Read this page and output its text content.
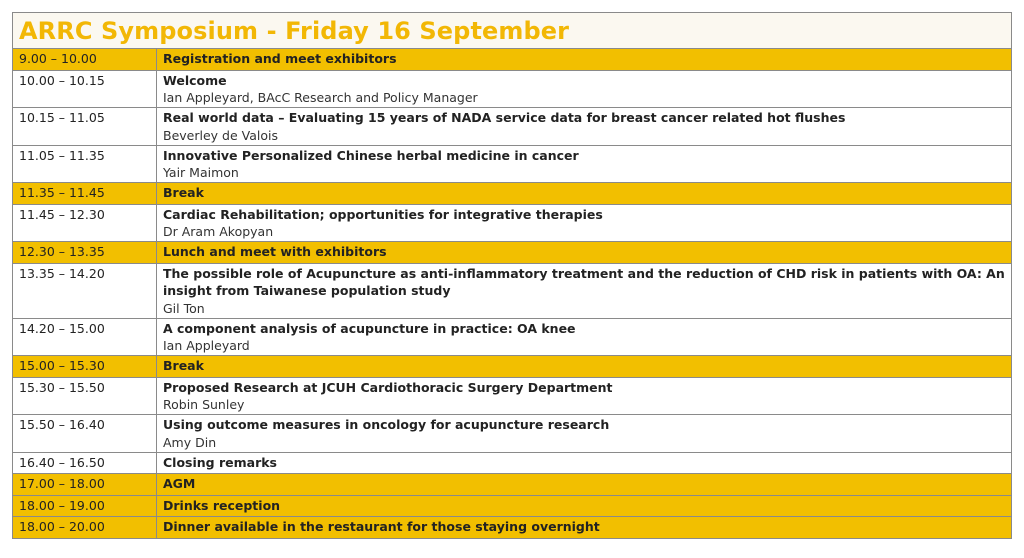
ARRC Symposium - Friday 16 September
9.00 – 10.00	Registration and meet exhibitors

10.00 – 10.15	Welcome
Ian Appleyard, BAcC Research and Policy Manager

10.15 – 11.05	Real world data – Evaluating 15 years of NADA service data for breast cancer related hot flushes
Beverley de Valois

11.05 – 11.35	Innovative Personalized Chinese herbal medicine in cancer
Yair Maimon

11.35 – 11.45	Break

11.45 – 12.30	Cardiac Rehabilitation; opportunities for integrative therapies
Dr Aram Akopyan

12.30 – 13.35	Lunch and meet with exhibitors

13.35 – 14.20	The possible role of Acupuncture as anti-inflammatory treatment and the reduction of CHD risk in patients with OA: An insight from Taiwanese population study
Gil Ton

14.20 – 15.00	A component analysis of acupuncture in practice: OA knee
Ian Appleyard

15.00 – 15.30	Break

15.30 – 15.50	Proposed Research at JCUH Cardiothoracic Surgery Department
Robin Sunley

15.50 – 16.40	Using outcome measures in oncology for acupuncture research
Amy Din

16.40 – 16.50	Closing remarks

17.00 – 18.00	AGM

18.00 – 19.00	Drinks reception

18.00 – 20.00	Dinner available in the restaurant for those staying overnight
